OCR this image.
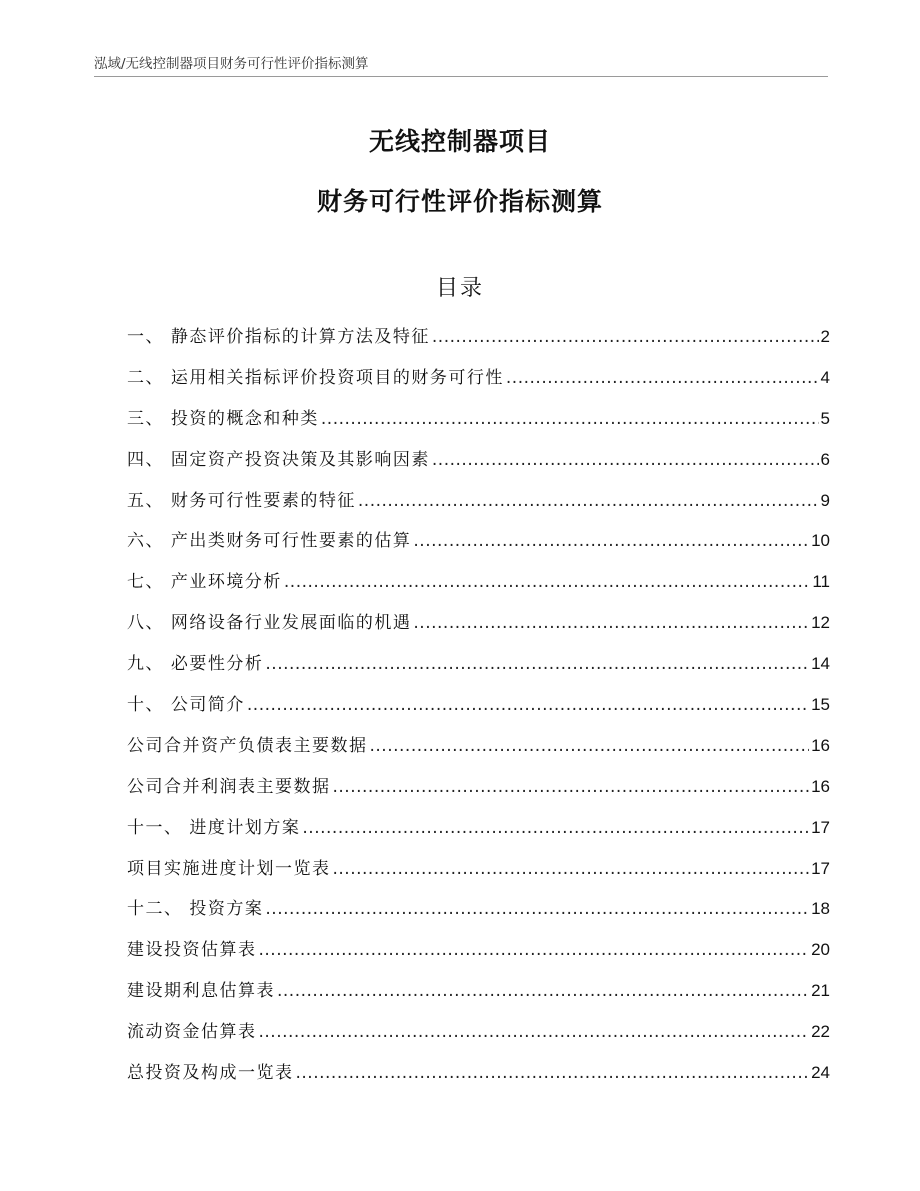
泓域/无线控制器项目财务可行性评价指标测算
无线控制器项目
财务可行性评价指标测算
目录
一、 静态评价指标的计算方法及特征 .....	2
二、 运用相关指标评价投资项目的财务可行性 .....	4
三、 投资的概念和种类 .....	5
四、 固定资产投资决策及其影响因素 .....	6
五、 财务可行性要素的特征 .....	9
六、 产出类财务可行性要素的估算 .....	10
七、 产业环境分析 .....	11
八、 网络设备行业发展面临的机遇 .....	12
九、 必要性分析 .....	14
十、 公司简介 .....	15
公司合并资产负债表主要数据 .....	16
公司合并利润表主要数据 .....	16
十一、 进度计划方案 .....	17
项目实施进度计划一览表 .....	17
十二、 投资方案 .....	18
建设投资估算表 .....	20
建设期利息估算表 .....	21
流动资金估算表 .....	22
总投资及构成一览表 .....	24
